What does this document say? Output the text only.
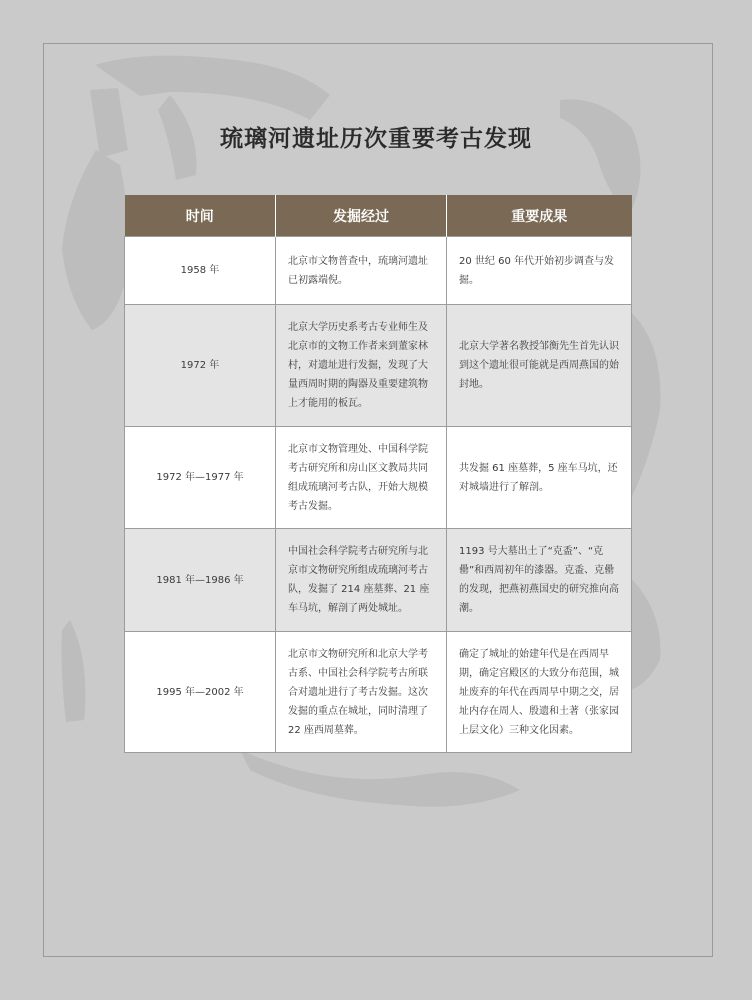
琉璃河遗址历次重要考古发现
时间	发掘经过	重要成果
1958 年	北京市文物普查中，琉璃河遗址已初露端倪。	20 世纪 60 年代开始初步调查与发掘。
1972 年	北京大学历史系考古专业师生及北京市的文物工作者来到董家林村，对遗址进行发掘，发现了大量西周时期的陶器及重要建筑物上才能用的板瓦。	北京大学著名教授邹衡先生首先认识到这个遗址很可能就是西周燕国的始封地。
1972 年—1977 年	北京市文物管理处、中国科学院考古研究所和房山区文教局共同组成琉璃河考古队，开始大规模考古发掘。	共发掘 61 座墓葬，5 座车马坑，还对城墙进行了解剖。
1981 年—1986 年	中国社会科学院考古研究所与北京市文物研究所组成琉璃河考古队，发掘了 214 座墓葬、21 座车马坑，解剖了两处城址。	1193 号大墓出土了“克盉”、“克罍”和西周初年的漆器。克盉、克罍的发现，把燕初燕国史的研究推向高潮。
1995 年—2002 年	北京市文物研究所和北京大学考古系、中国社会科学院考古所联合对遗址进行了考古发掘。这次发掘的重点在城址，同时清理了 22 座西周墓葬。	确定了城址的始建年代是在西周早期，确定宫殿区的大致分布范围，城址废弃的年代在西周早中期之交，居址内存在周人、殷遗和土著（张家园上层文化）三种文化因素。
